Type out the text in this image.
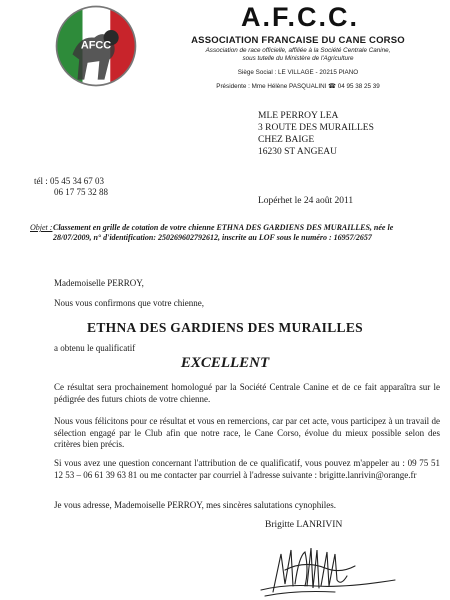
AFCC
A.F.C.C.
ASSOCIATION FRANCAISE DU CANE CORSO
Association de race officielle, affiliée à la Société Centrale Canine,
sous tutelle du Ministère de l'Agriculture
Siège Social : LE VILLAGE - 20215 PIANO
Présidente : Mme Hélène PASQUALINI ☎ 04 95 38 25 39
MLE PERROY LEA
3 ROUTE DES MURAILLES
CHEZ BAIGE
16230 ST ANGEAU
tél : 05 45 34 67 03
06 17 75 32 88
Lopérhet le 24 août 2011
Objet : Classement en grille de cotation de votre chienne ETHNA DES GARDIENS DES MURAILLES, née le 28/07/2009, n° d'identification: 250269602792612, inscrite au LOF sous le numéro : 16957/2657
Mademoiselle PERROY,
Nous vous confirmons que votre chienne,
ETHNA DES GARDIENS DES MURAILLES
a obtenu le qualificatif
EXCELLENT
Ce résultat sera prochainement homologué par la Société Centrale Canine et de ce fait apparaîtra sur le pédigrée des futurs chiots de votre chienne.
Nous vous félicitons pour ce résultat et vous en remercions, car par cet acte, vous participez à un travail de sélection engagé par le Club afin que notre race, le Cane Corso, évolue du mieux possible selon des critères bien précis.
Si vous avez une question concernant l'attribution de ce qualificatif, vous pouvez m'appeler au : 09 75 51 12 53 – 06 61 39 63 81 ou me contacter par courriel à l'adresse suivante : brigitte.lanrivin@orange.fr
Je vous adresse, Mademoiselle PERROY, mes sincères salutations cynophiles.
Brigitte LANRIVIN
